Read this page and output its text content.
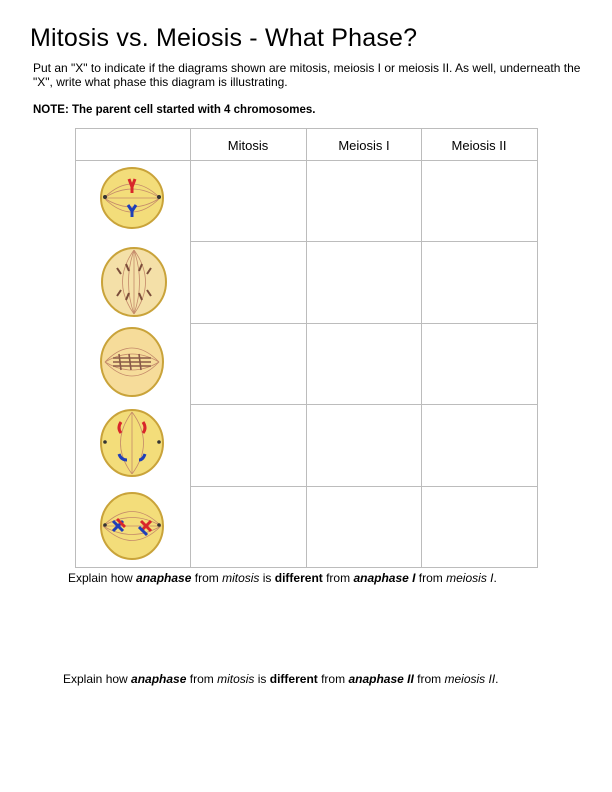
Mitosis vs. Meiosis - What Phase?
Put an "X" to indicate if the diagrams shown are mitosis, meiosis I or meiosis II. As well, underneath the "X", write what phase this diagram is illustrating.
NOTE: The parent cell started with 4 chromosomes.
Mitosis	Meiosis I	Meiosis II
Explain how anaphase from mitosis is different from anaphase I from meiosis I.
Explain how anaphase from mitosis is different from anaphase II from meiosis II.
